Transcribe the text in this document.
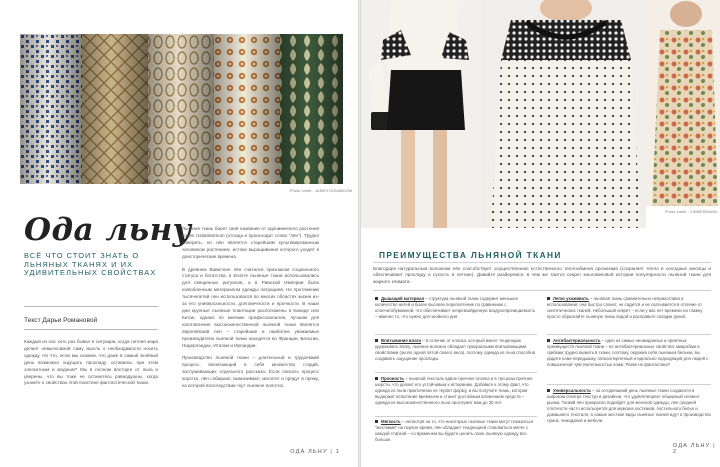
Photo credit : JAMES DONABOOM
Ода льну
ВСЁ ЧТО СТОИТ ЗНАТЬ О ЛЬНЯНЫХ ТКАНЯХ И ИХ УДИВИТЕЛЬНЫХ СВОЙСТВАХ
Текст Дарьи Романовой
Каждый из нас хоть раз бывал в ситуации, когда летняя жара делает невыносимой саму мысль о необходимости носить одежду. Но что, если мы скажем, что даже в самый знойный день возможно ощущать прохладу, оставаясь при этом элегантным и модным? Мы в полном восторге от льна и уверены, что вы тоже не останетесь равнодушны, когда узнаете о свойствах этой поистине фантастической ткани.

Льняная ткань берет своё название от одноименного растения Linum Usitatissimum (отсюда и происходит слово "лён"). Трудно поверить, но лён является старейшим культивированным человеком растением, истоки выращивания которого уходят в доисторические времена.

В древнем Вавилоне лён считался признаком социального статуса и богатства, в Египте льняные ткани использовались для священных ритуалов, а в Римской Империи была излюбленным материалом одежды патрициев. На протяжении тысячелетий лен использовался во многих областях жизни из-за его универсальности, долговечности и прочности. В наши дни крупные льняные плантации расположены в Канаде или Китае, однако по мнению профессионалов, лучшим для изготовления высококачественной льняной ткани является европейский лен – старейшие и наиболее уважаемые производители льняной ткани находятся во Франции, Бельгии, Нидерландах, Италии и Ирландии.

Производство льняной ткани – длительный и трудоемкий процесс, включающий в себя множество стадий, заслуживающих отдельного рассказа. Если описать процесс коротко, лён собирают, вымачивают, молотят и прядут в пряжу, из которой впоследствии ткут льняное полотно.

ОДА ЛЬНУ | 1
Photo credit : ZIMMERMANN
ПРЕИМУЩЕСТВА ЛЬНЯНОЙ ТКАНИ
Благодаря натуральным волокнам лён способствует осуществлению естественного теплообмена организма (сохраняет тепло в холодные месяцы и обеспечивает прохладу и сухость в летние). Давайте разберемся, в чем же таится секрет многовековой истории популярности льняной ткани для жаркого климата.
Дышащий материал – структура льняной ткани содержит меньшее количество нитей и более высокое переплетение по сравнению с хлопчатобумажной, что обеспечивает непревзойденную воздухопроницаемость – именно то, что нужно для знойного дня.
Впитывание влаги – в отличие от хлопка, который имеет тенденцию удерживать влагу, льняное волокно обладает прекрасными впитывающими свойствами (около одной пятой своего веса), поэтому одежда из льна способна создавать ощущение прохлады.
Прочность – льняной текстиль вдвое прочнее хлопка и в три раза прочнее шерсти, что делает его устойчивым к истиранию. Добавьте к этому факт, что одежда из льна практически не теряет форму, и вы получите ткань, которая выдержит испытание временем и станет достойным вложением средств – одежда из высококачественного льна прослужит вам до 30 лет.
Мягкость – несмотря на то, что некоторые льняные ткани могут показаться "жесткими" на первое время, лён обладает тенденцией становиться мягче с каждой стиркой – со временем вы будете ценить свою льняную одежду все больше.
Легко ухаживать – льняная ткань сравнительно неприхотлива в использовании: она быстро сохнет, не садится и не скатывается в отличие от синтетических тканей. Небольшой секрет – если у вас нет времени на глажку, просто обрызгайте льняную ткань водой и расправьте складки рукой.
Антибактериальность – одно из самых неожиданных и приятных преимуществ льняной ткани – ее антибактериальные свойства: микробам и грибкам трудно выжить в ткани, поэтому, окружив себя льняным бельем, вы дадите коже передышку, гипоаллергенный и идеально подходящий для людей с повышенной чувствительностью кожи. Разве не фантастика?
Универсальность – за сегодняшний день льняные ткани создаются в широком спектре текстур и дизайнов, что удовлетворяет обширный сегмент рынка. Тонкий лён прекрасно подойдёт для женской одежды, лён средней плотности часто используется для мужских костюмов, постельного белья и домашнего текстиля, а самые жесткие виды льняных тканей идут в производство сумок, чемоданов и мебели.
ОДА ЛЬНУ | 2
